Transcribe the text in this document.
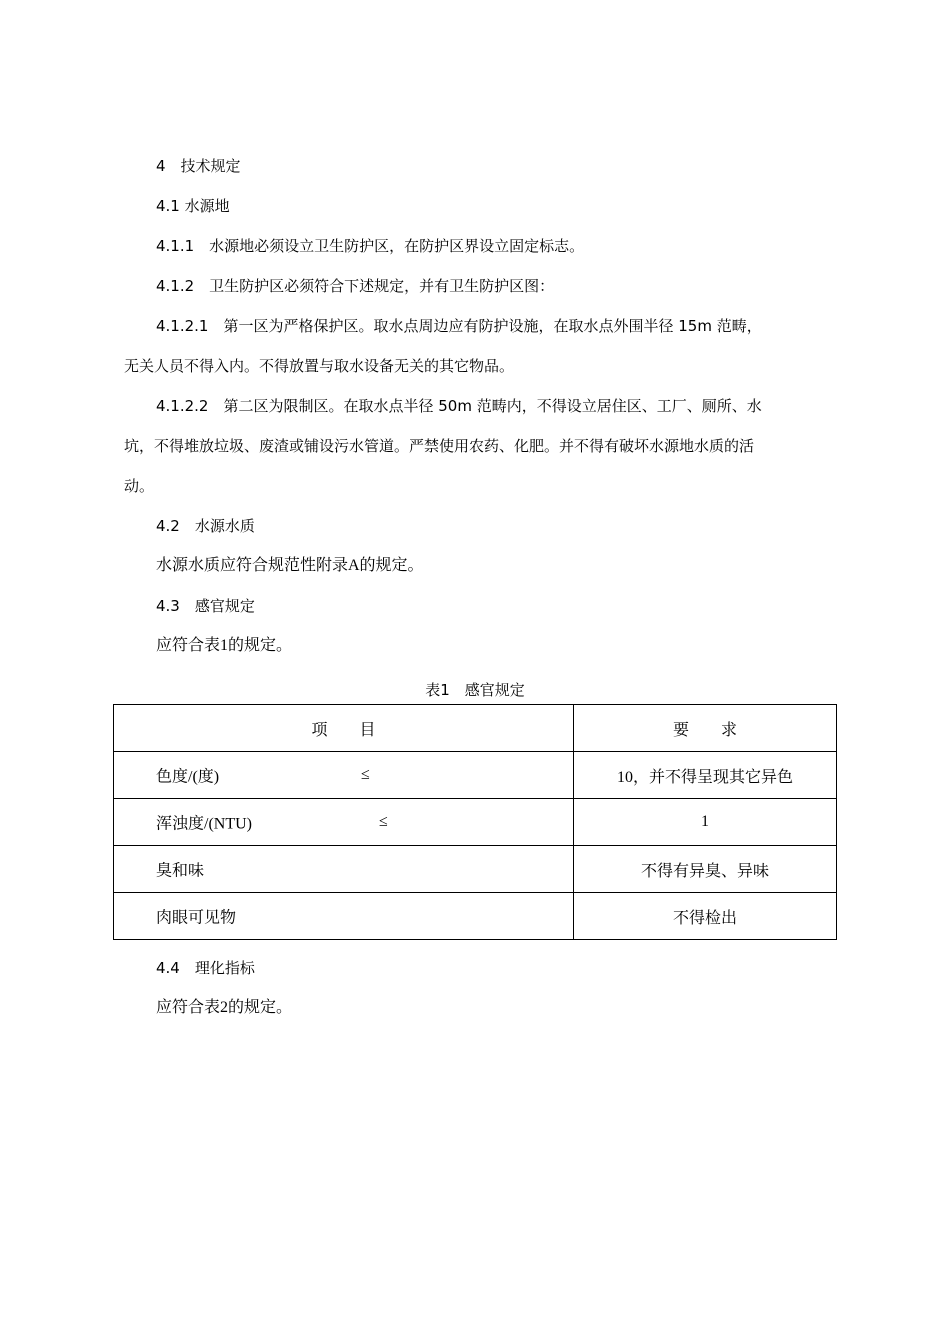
4　技术规定
4.1 水源地
4.1.1　水源地必须设立卫生防护区，在防护区界设立固定标志。
4.1.2　卫生防护区必须符合下述规定，并有卫生防护区图：
4.1.2.1　第一区为严格保护区。取水点周边应有防护设施，在取水点外围半径 15m 范畴，
无关人员不得入内。不得放置与取水设备无关的其它物品。
4.1.2.2　第二区为限制区。在取水点半径 50m 范畴内，不得设立居住区、工厂、厕所、水
坑，不得堆放垃圾、废渣或铺设污水管道。严禁使用农药、化肥。并不得有破坏水源地水质的活
动。
4.2　水源水质
水源水质应符合规范性附录A的规定。
4.3　感官规定
应符合表1的规定。
表1　感官规定
项　　目	要　　求

色度/(度) ≤	10，并不得呈现其它异色

浑浊度/(NTU) ≤	1

臭和味	不得有异臭、异味

肉眼可见物	不得检出
4.4　理化指标
应符合表2的规定。
